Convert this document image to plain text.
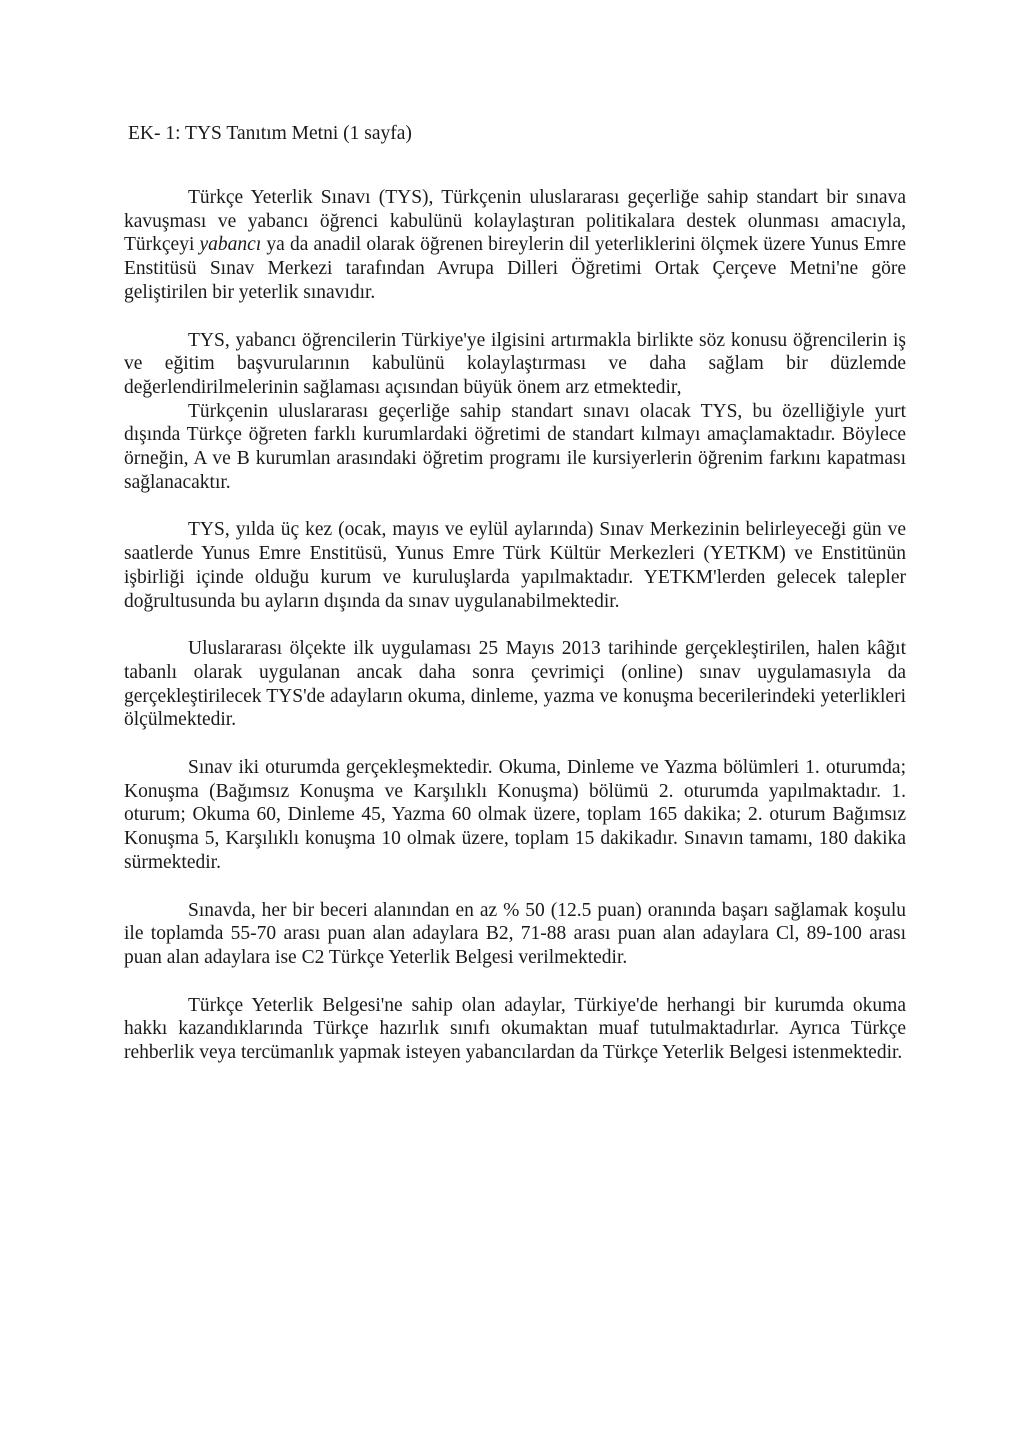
EK- 1: TYS Tanıtım Metni (1 sayfa)

Türkçe Yeterlik Sınavı (TYS), Türkçenin uluslararası geçerliğe sahip standart bir sınava kavuşması ve yabancı öğrenci kabulünü kolaylaştıran politikalara destek olunması amacıyla, Türkçeyi yabancı ya da anadil olarak öğrenen bireylerin dil yeterliklerini ölçmek üzere Yunus Emre Enstitüsü Sınav Merkezi tarafından Avrupa Dilleri Öğretimi Ortak Çerçeve Metni'ne göre geliştirilen bir yeterlik sınavıdır.

TYS, yabancı öğrencilerin Türkiye'ye ilgisini artırmakla birlikte söz konusu öğrencilerin iş ve eğitim başvurularının kabulünü kolaylaştırması ve daha sağlam bir düzlemde değerlendirilmelerinin sağlaması açısından büyük önem arz etmektedir,

Türkçenin uluslararası geçerliğe sahip standart sınavı olacak TYS, bu özelliğiyle yurt dışında Türkçe öğreten farklı kurumlardaki öğretimi de standart kılmayı amaçlamaktadır. Böylece örneğin, A ve B kurumlan arasındaki öğretim programı ile kursiyerlerin öğrenim farkını kapatması sağlanacaktır.

TYS, yılda üç kez (ocak, mayıs ve eylül aylarında) Sınav Merkezinin belirleyeceği gün ve saatlerde Yunus Emre Enstitüsü, Yunus Emre Türk Kültür Merkezleri (YETKM) ve Enstitünün işbirliği içinde olduğu kurum ve kuruluşlarda yapılmaktadır. YETKM'lerden gelecek talepler doğrultusunda bu ayların dışında da sınav uygulanabilmektedir.

Uluslararası ölçekte ilk uygulaması 25 Mayıs 2013 tarihinde gerçekleştirilen, halen kâğıt tabanlı olarak uygulanan ancak daha sonra çevrimiçi (online) sınav uygulamasıyla da gerçekleştirilecek TYS'de adayların okuma, dinleme, yazma ve konuşma becerilerindeki yeterlikleri ölçülmektedir.

Sınav iki oturumda gerçekleşmektedir. Okuma, Dinleme ve Yazma bölümleri 1. oturumda; Konuşma (Bağımsız Konuşma ve Karşılıklı Konuşma) bölümü 2. oturumda yapılmaktadır. 1. oturum; Okuma 60, Dinleme 45, Yazma 60 olmak üzere, toplam 165 dakika; 2. oturum Bağımsız Konuşma 5, Karşılıklı konuşma 10 olmak üzere, toplam 15 dakikadır. Sınavın tamamı, 180 dakika sürmektedir.

Sınavda, her bir beceri alanından en az % 50 (12.5 puan) oranında başarı sağlamak koşulu ile toplamda 55-70 arası puan alan adaylara B2, 71-88 arası puan alan adaylara Cl, 89-100 arası puan alan adaylara ise C2 Türkçe Yeterlik Belgesi verilmektedir.

Türkçe Yeterlik Belgesi'ne sahip olan adaylar, Türkiye'de herhangi bir kurumda okuma hakkı kazandıklarında Türkçe hazırlık sınıfı okumaktan muaf tutulmaktadırlar. Ayrıca Türkçe rehberlik veya tercümanlık yapmak isteyen yabancılardan da Türkçe Yeterlik Belgesi istenmektedir.
